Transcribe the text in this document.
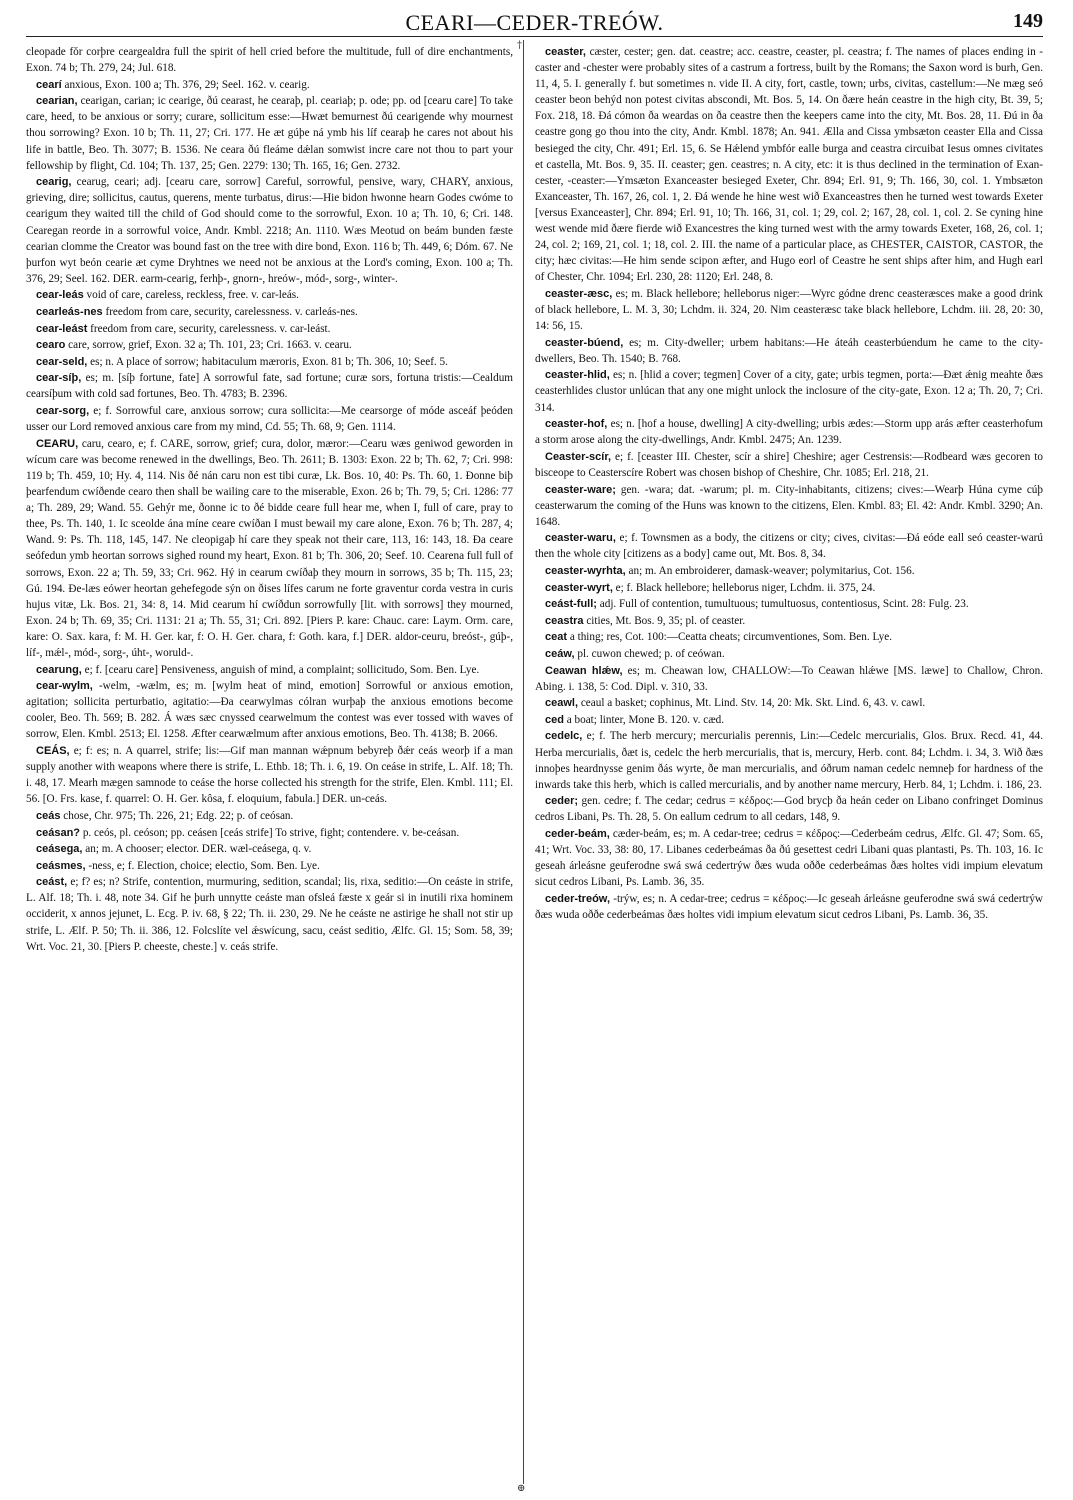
CEARI—CEDER-TREÓW.	149
†
⊕

cleopade fŏr corþre ceargealdra full the spirit of hell cried before the multitude, full of dire enchantments, Exon. 74 b; Th. 279, 24; Jul. 618.

cearí anxious, Exon. 100 a; Th. 376, 29; Seel. 162. v. cearig.

cearian, cearigan, carian; ic cearige, ðú cearast, he cearaþ, pl. ceariaþ; p. ode; pp. od [cearu care] To take care, heed, to be anxious or sorry; curare, sollicitum esse:—Hwæt bemurnest ðú cearigende why mournest thou sorrowing? Exon. 10 b; Th. 11, 27; Cri. 177. He æt gúþe ná ymb his líf cearaþ he cares not about his life in battle, Beo. Th. 3077; B. 1536. Ne ceara ðú fleáme dǽlan somwist incre care not thou to part your fellowship by flight, Cd. 104; Th. 137, 25; Gen. 2279: 130; Th. 165, 16; Gen. 2732.

cearig, cearug, ceari; adj. [cearu care, sorrow] Careful, sorrowful, pensive, wary, CHARY, anxious, grieving, dire; sollicitus, cautus, querens, mente turbatus, dirus:—Hie bidon hwonne hearn Godes cwóme to cearigum they waited till the child of God should come to the sorrowful, Exon. 10 a; Th. 10, 6; Cri. 148. Cearegan reorde in a sorrowful voice, Andr. Kmbl. 2218; An. 1110. Wæs Meotud on beám bunden fæste cearian clomme the Creator was bound fast on the tree with dire bond, Exon. 116 b; Th. 449, 6; Dóm. 67. Ne þurfon wyt beón cearie æt cyme Dryhtnes we need not be anxious at the Lord's coming, Exon. 100 a; Th. 376, 29; Seel. 162. DER. earm-cearig, ferhþ-, gnorn-, hreów-, mód-, sorg-, winter-.

cear-leás void of care, careless, reckless, free. v. car-leás.

cearleás-nes freedom from care, security, carelessness. v. carleás-nes.

cear-leást freedom from care, security, carelessness. v. car-leást.

cearo care, sorrow, grief, Exon. 32 a; Th. 101, 23; Cri. 1663. v. cearu.

cear-seld, es; n. A place of sorrow; habitaculum mæroris, Exon. 81 b; Th. 306, 10; Seef. 5.

cear-síþ, es; m. [síþ fortune, fate] A sorrowful fate, sad fortune; curæ sors, fortuna tristis:—Cealdum cearsíþum with cold sad fortunes, Beo. Th. 4783; B. 2396.

cear-sorg, e; f. Sorrowful care, anxious sorrow; cura sollicita:—Me cearsorge of móde asceáf þeóden usser our Lord removed anxious care from my mind, Cd. 55; Th. 68, 9; Gen. 1114.

CEARU, caru, cearo, e; f. CARE, sorrow, grief; cura, dolor, mæror:—Cearu wæs geniwod geworden in wícum care was become renewed in the dwellings, Beo. Th. 2611; B. 1303: Exon. 22 b; Th. 62, 7; Cri. 998: 119 b; Th. 459, 10; Hy. 4, 114. Nis ðé nán caru non est tibi curæ, Lk. Bos. 10, 40: Ps. Th. 60, 1. Ðonne biþ þearfendum cwíðende cearo then shall be wailing care to the miserable, Exon. 26 b; Th. 79, 5; Cri. 1286: 77 a; Th. 289, 29; Wand. 55. Gehýr me, ðonne ic to ðé bidde ceare full hear me, when I, full of care, pray to thee, Ps. Th. 140, 1. Ic sceolde ána míne ceare cwíðan I must bewail my care alone, Exon. 76 b; Th. 287, 4; Wand. 9: Ps. Th. 118, 145, 147. Ne cleopigaþ hí care they speak not their care, 113, 16: 143, 18. Ða ceare seófedun ymb heortan sorrows sighed round my heart, Exon. 81 b; Th. 306, 20; Seef. 10. Cearena full full of sorrows, Exon. 22 a; Th. 59, 33; Cri. 962. Hý in cearum cwíðaþ they mourn in sorrows, 35 b; Th. 115, 23; Gú. 194. Ðe-læs eówer heortan gehefegode sýn on ðises lífes carum ne forte graventur corda vestra in curis hujus vitæ, Lk. Bos. 21, 34: 8, 14. Mid cearum hí cwíðdun sorrowfully [lit. with sorrows] they mourned, Exon. 24 b; Th. 69, 35; Cri. 1131: 21 a; Th. 55, 31; Cri. 892. [Piers P. kare: Chauc. care: Laym. Orm. care, kare: O. Sax. kara, f: M. H. Ger. kar, f: O. H. Ger. chara, f: Goth. kara, f.] DER. aldor-ceuru, breóst-, gúþ-, líf-, mǽl-, mód-, sorg-, úht-, woruld-.

cearung, e; f. [cearu care] Pensiveness, anguish of mind, a complaint; sollicitudo, Som. Ben. Lye.

cear-wylm, -welm, -wælm, es; m. [wylm heat of mind, emotion] Sorrowful or anxious emotion, agitation; sollicita perturbatio, agitatio:—Ða cearwylmas cólran wurþaþ the anxious emotions become cooler, Beo. Th. 569; B. 282. Á wæs sæc cnyssed cearwelmum the contest was ever tossed with waves of sorrow, Elen. Kmbl. 2513; El. 1258. Æfter cearwælmum after anxious emotions, Beo. Th. 4138; B. 2066.

CEÁS, e; f: es; n. A quarrel, strife; lis:—Gif man mannan wǽpnum bebyreþ ðǽr ceás weorþ if a man supply another with weapons where there is strife, L. Ethb. 18; Th. i. 6, 19. On ceáse in strife, L. Alf. 18; Th. i. 48, 17. Mearh mægen samnode to ceáse the horse collected his strength for the strife, Elen. Kmbl. 111; El. 56. [O. Frs. kase, f. quarrel: O. H. Ger. kôsa, f. eloquium, fabula.] DER. un-ceás.

ceás chose, Chr. 975; Th. 226, 21; Edg. 22; p. of ceósan.

ceásan? p. ceós, pl. ceóson; pp. ceásen [ceás strife] To strive, fight; contendere. v. be-ceásan.

ceásega, an; m. A chooser; elector. DER. wæl-ceásega, q. v.

ceásmes, -ness, e; f. Election, choice; electio, Som. Ben. Lye.

ceást, e; f? es; n? Strife, contention, murmuring, sedition, scandal; lis, rixa, seditio:—On ceáste in strife, L. Alf. 18; Th. i. 48, note 34. Gif he þurh unnytte ceáste man ofsleá fæste x geár si in inutili rixa hominem occiderit, x annos jejunet, L. Ecg. P. iv. 68, § 22; Th. ii. 230, 29. Ne he ceáste ne astirige he shall not stir up strife, L. Ælf. P. 50; Th. ii. 386, 12. Folcslíte vel ǽswícung, sacu, ceást seditio, Ælfc. Gl. 15; Som. 58, 39; Wrt. Voc. 21, 30. [Piers P. cheeste, cheste.] v. ceás strife.

ceaster, cæster, cester; gen. dat. ceastre; acc. ceastre, ceaster, pl. ceastra; f. The names of places ending in -caster and -chester were probably sites of a castrum a fortress, built by the Romans; the Saxon word is burh, Gen. 11, 4, 5. I. generally f. but sometimes n. vide II. A city, fort, castle, town; urbs, civitas, castellum:—Ne mæg seó ceaster beon behýd non potest civitas abscondi, Mt. Bos. 5, 14. On ðære heán ceastre in the high city, Bt. 39, 5; Fox. 218, 18. Ðá cómon ða weardas on ða ceastre then the keepers came into the city, Mt. Bos. 28, 11. Ðú in ða ceastre gong go thou into the city, Andr. Kmbl. 1878; An. 941. Ælla and Cissa ymbsæton ceaster Ella and Cissa besieged the city, Chr. 491; Erl. 15, 6. Se Hǽlend ymbfór ealle burga and ceastra circuibat Iesus omnes civitates et castella, Mt. Bos. 9, 35. II. ceaster; gen. ceastres; n. A city, etc: it is thus declined in the termination of Exan-cester, -ceaster:—Ymsæton Exanceaster besieged Exeter, Chr. 894; Erl. 91, 9; Th. 166, 30, col. 1. Ymbsæton Exanceaster, Th. 167, 26, col. 1, 2. Ðá wende he hine west wið Exanceastres then he turned west towards Exeter [versus Exanceaster], Chr. 894; Erl. 91, 10; Th. 166, 31, col. 1; 29, col. 2; 167, 28, col. 1, col. 2. Se cyning hine west wende mid ðære fierde wið Exancestres the king turned west with the army towards Exeter, 168, 26, col. 1; 24, col. 2; 169, 21, col. 1; 18, col. 2. III. the name of a particular place, as CHESTER, CAISTOR, CASTOR, the city; hæc civitas:—He him sende scipon æfter, and Hugo eorl of Ceastre he sent ships after him, and Hugh earl of Chester, Chr. 1094; Erl. 230, 28: 1120; Erl. 248, 8.

ceaster-æsc, es; m. Black hellebore; helleborus niger:—Wyrc gódne drenc ceasteræsces make a good drink of black hellebore, L. M. 3, 30; Lchdm. ii. 324, 20. Nim ceasteræsc take black hellebore, Lchdm. iii. 28, 20: 30, 14: 56, 15.

ceaster-búend, es; m. City-dweller; urbem habitans:—He áteáh ceasterbúendum he came to the city-dwellers, Beo. Th. 1540; B. 768.

ceaster-hlid, es; n. [hlid a cover; tegmen] Cover of a city, gate; urbis tegmen, porta:—Ðæt ǽnig meahte ðæs ceasterhlides clustor unlúcan that any one might unlock the inclosure of the city-gate, Exon. 12 a; Th. 20, 7; Cri. 314.

ceaster-hof, es; n. [hof a house, dwelling] A city-dwelling; urbis ædes:—Storm upp arás æfter ceasterhofum a storm arose along the city-dwellings, Andr. Kmbl. 2475; An. 1239.

Ceaster-scír, e; f. [ceaster III. Chester, scír a shire] Cheshire; ager Cestrensis:—Rodbeard wæs gecoren to bisceope to Ceasterscíre Robert was chosen bishop of Cheshire, Chr. 1085; Erl. 218, 21.

ceaster-ware; gen. -wara; dat. -warum; pl. m. City-inhabitants, citizens; cives:—Wearþ Húna cyme cúþ ceasterwarum the coming of the Huns was known to the citizens, Elen. Kmbl. 83; El. 42: Andr. Kmbl. 3290; An. 1648.

ceaster-waru, e; f. Townsmen as a body, the citizens or city; cives, civitas:—Ðá eóde eall seó ceaster-warú then the whole city [citizens as a body] came out, Mt. Bos. 8, 34.

ceaster-wyrhta, an; m. An embroiderer, damask-weaver; polymitarius, Cot. 156.

ceaster-wyrt, e; f. Black hellebore; helleborus niger, Lchdm. ii. 375, 24.

ceást-full; adj. Full of contention, tumultuous; tumultuosus, contentiosus, Scint. 28: Fulg. 23.

ceastra cities, Mt. Bos. 9, 35; pl. of ceaster.

ceat a thing; res, Cot. 100:—Ceatta cheats; circumventiones, Som. Ben. Lye.

ceáw, pl. cuwon chewed; p. of ceówan.

Ceawan hlǽw, es; m. Cheawan low, CHALLOW:—To Ceawan hlǽwe [MS. læwe] to Challow, Chron. Abing. i. 138, 5: Cod. Dipl. v. 310, 33.

ceawl, ceaul a basket; cophinus, Mt. Lind. Stv. 14, 20: Mk. Skt. Lind. 6, 43. v. cawl.

ced a boat; linter, Mone B. 120. v. cæd.

cedelc, e; f. The herb mercury; mercurialis perennis, Lin:—Cedelc mercurialis, Glos. Brux. Recd. 41, 44. Herba mercurialis, ðæt is, cedelc the herb mercurialis, that is, mercury, Herb. cont. 84; Lchdm. i. 34, 3. Wið ðæs innoþes heardnysse genim ðás wyrte, ðe man mercurialis, and óðrum naman cedelc nemneþ for hardness of the inwards take this herb, which is called mercurialis, and by another name mercury, Herb. 84, 1; Lchdm. i. 186, 23.

ceder; gen. cedre; f. The cedar; cedrus = κέδρος:—God brycþ ða heán ceder on Libano confringet Dominus cedros Libani, Ps. Th. 28, 5. On eallum cedrum to all cedars, 148, 9.

ceder-beám, cæder-beám, es; m. A cedar-tree; cedrus = κέδρος:—Cederbeám cedrus, Ælfc. Gl. 47; Som. 65, 41; Wrt. Voc. 33, 38: 80, 17. Libanes cederbeámas ða ðú gesettest cedri Libani quas plantasti, Ps. Th. 103, 16. Ic geseah árleásne geuferodne swá swá cedertrýw ðæs wuda oððe cederbeámas ðæs holtes vidi impium elevatum sicut cedros Libani, Ps. Lamb. 36, 35.

ceder-treów, -trýw, es; n. A cedar-tree; cedrus = κέδρος:—Ic geseah árleásne geuferodne swá swá cedertrýw ðæs wuda oððe cederbeámas ðæs holtes vidi impium elevatum sicut cedros Libani, Ps. Lamb. 36, 35.
